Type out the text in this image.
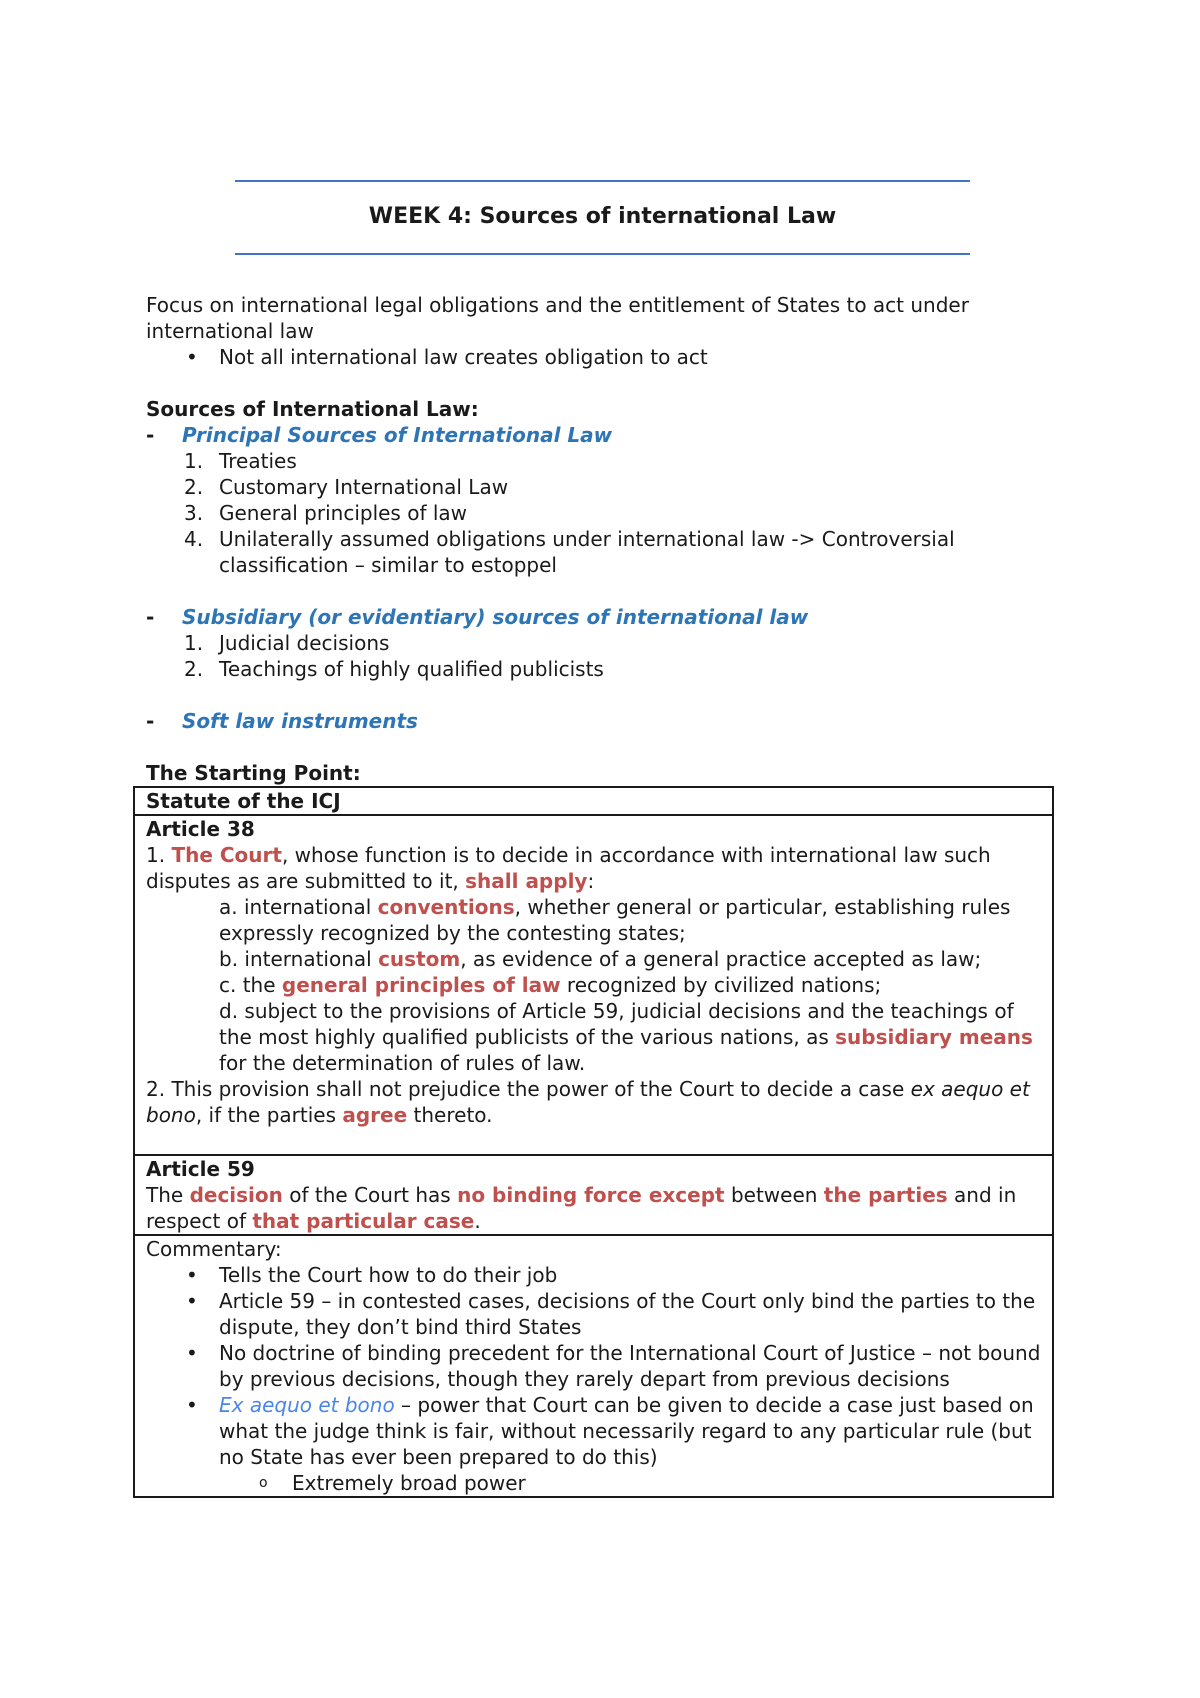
WEEK 4: Sources of international Law

Focus on international legal obligations and the entitlement of States to act under international law

• Not all international law creates obligation to act

Sources of International Law:

- Principal Sources of International Law

1. Treaties

2. Customary International Law

3. General principles of law

4. Unilaterally assumed obligations under international law -> Controversial classification – similar to estoppel

- Subsidiary (or evidentiary) sources of international law

1. Judicial decisions

2. Teachings of highly qualified publicists

- Soft law instruments

The Starting Point:

Statute of the ICJ

Article 38

1. The Court, whose function is to decide in accordance with international law such disputes as are submitted to it, shall apply:

a. international conventions, whether general or particular, establishing rules expressly recognized by the contesting states;

b. international custom, as evidence of a general practice accepted as law;

c. the general principles of law recognized by civilized nations;

d. subject to the provisions of Article 59, judicial decisions and the teachings of the most highly qualified publicists of the various nations, as subsidiary means for the determination of rules of law.

2. This provision shall not prejudice the power of the Court to decide a case ex aequo et bono, if the parties agree thereto.

Article 59

The decision of the Court has no binding force except between the parties and in respect of that particular case.

Commentary:

• Tells the Court how to do their job

• Article 59 – in contested cases, decisions of the Court only bind the parties to the dispute, they don’t bind third States

• No doctrine of binding precedent for the International Court of Justice – not bound by previous decisions, though they rarely depart from previous decisions

• Ex aequo et bono – power that Court can be given to decide a case just based on what the judge think is fair, without necessarily regard to any particular rule (but no State has ever been prepared to do this)

o Extremely broad power
